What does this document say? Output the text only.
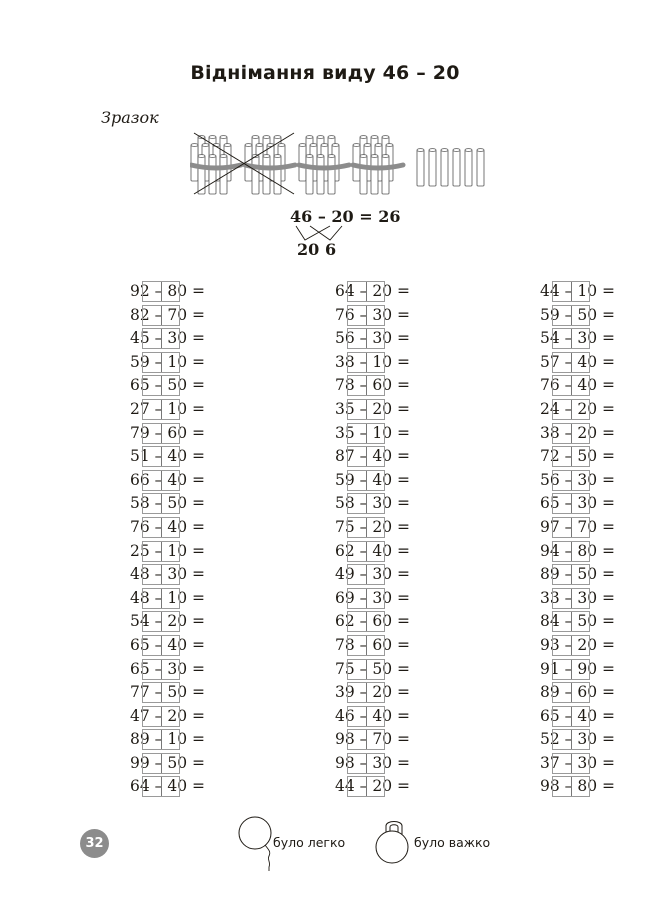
Віднімання виду 46 – 20
Зразок
46 – 20 = 26
20 6
92 – 80 =
82 – 70 =
45 – 30 =
59 – 10 =
65 – 50 =
27 – 10 =
79 – 60 =
51 – 40 =
66 – 40 =
58 – 50 =
76 – 40 =
25 – 10 =
48 – 30 =
48 – 10 =
54 – 20 =
65 – 40 =
65 – 30 =
77 – 50 =
47 – 20 =
89 – 10 =
99 – 50 =
64 – 40 =
64 – 20 =
76 – 30 =
56 – 30 =
38 – 10 =
78 – 60 =
35 – 20 =
35 – 10 =
87 – 40 =
59 – 40 =
58 – 30 =
75 – 20 =
62 – 40 =
49 – 30 =
69 – 30 =
62 – 60 =
78 – 60 =
75 – 50 =
39 – 20 =
46 – 40 =
98 – 70 =
98 – 30 =
44 – 20 =
44 – 10 =
59 – 50 =
54 – 30 =
57 – 40 =
76 – 40 =
24 – 20 =
38 – 20 =
72 – 50 =
56 – 30 =
65 – 30 =
97 – 70 =
94 – 80 =
89 – 50 =
33 – 30 =
84 – 50 =
93 – 20 =
91 – 90 =
89 – 60 =
65 – 40 =
52 – 30 =
37 – 30 =
98 – 80 =
32	було легко	було важко
